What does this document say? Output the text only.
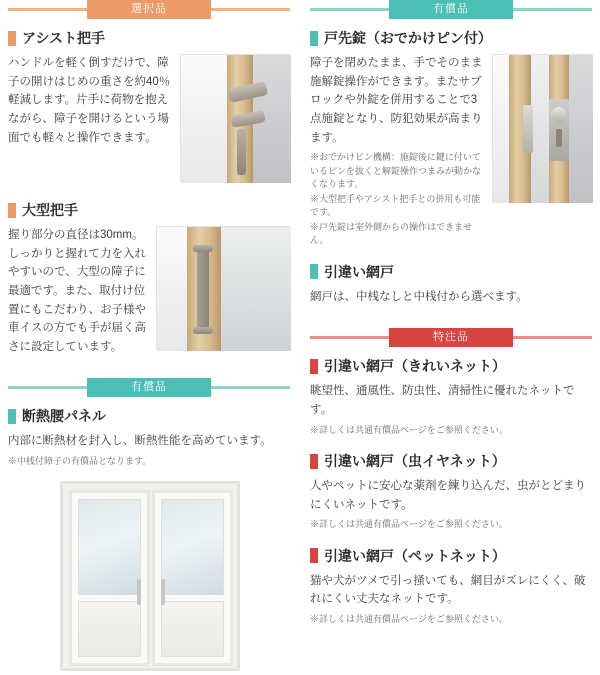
選択品
アシスト把手
ハンドルを軽く倒すだけで、障子の開けはじめの重さを約40％軽減します。片手に荷物を抱えながら、障子を開けるという場面でも軽々と操作できます。
大型把手
握り部分の直径は30mm。しっかりと握れて力を入れやすいので、大型の障子に最適です。また、取付け位置にもこだわり、お子様や車イスの方でも手が届く高さに設定しています。
有償品
断熱腰パネル
内部に断熱材を封入し、断熱性能を高めています。
※中桟付障子の有償品となります。
有償品
戸先錠（おでかけピン付）
障子を閉めたまま、手でそのまま施解錠操作ができます。またサブロックや外錠を併用することで3点施錠となり、防犯効果が高まります。
※おでかけピン機構：施錠後に鍵に付いているピンを抜くと解錠操作つまみが動かなくなります。
※大型把手やアシスト把手との併用も可能です。
※戸先錠は室外側からの操作はできません。
引違い網戸
網戸は、中桟なしと中桟付から選べます。
特注品
引違い網戸（きれいネット）
眺望性、通風性、防虫性、清掃性に優れたネットです。
※詳しくは共通有償品ページをご参照ください。
引違い網戸（虫イヤネット）
人やペットに安心な薬剤を練り込んだ、虫がとどまりにくいネットです。
※詳しくは共通有償品ページをご参照ください。
引違い網戸（ペットネット）
猫や犬がツメで引っ掻いても、網目がズレにくく、破れにくい丈夫なネットです。
※詳しくは共通有償品ページをご参照ください。
